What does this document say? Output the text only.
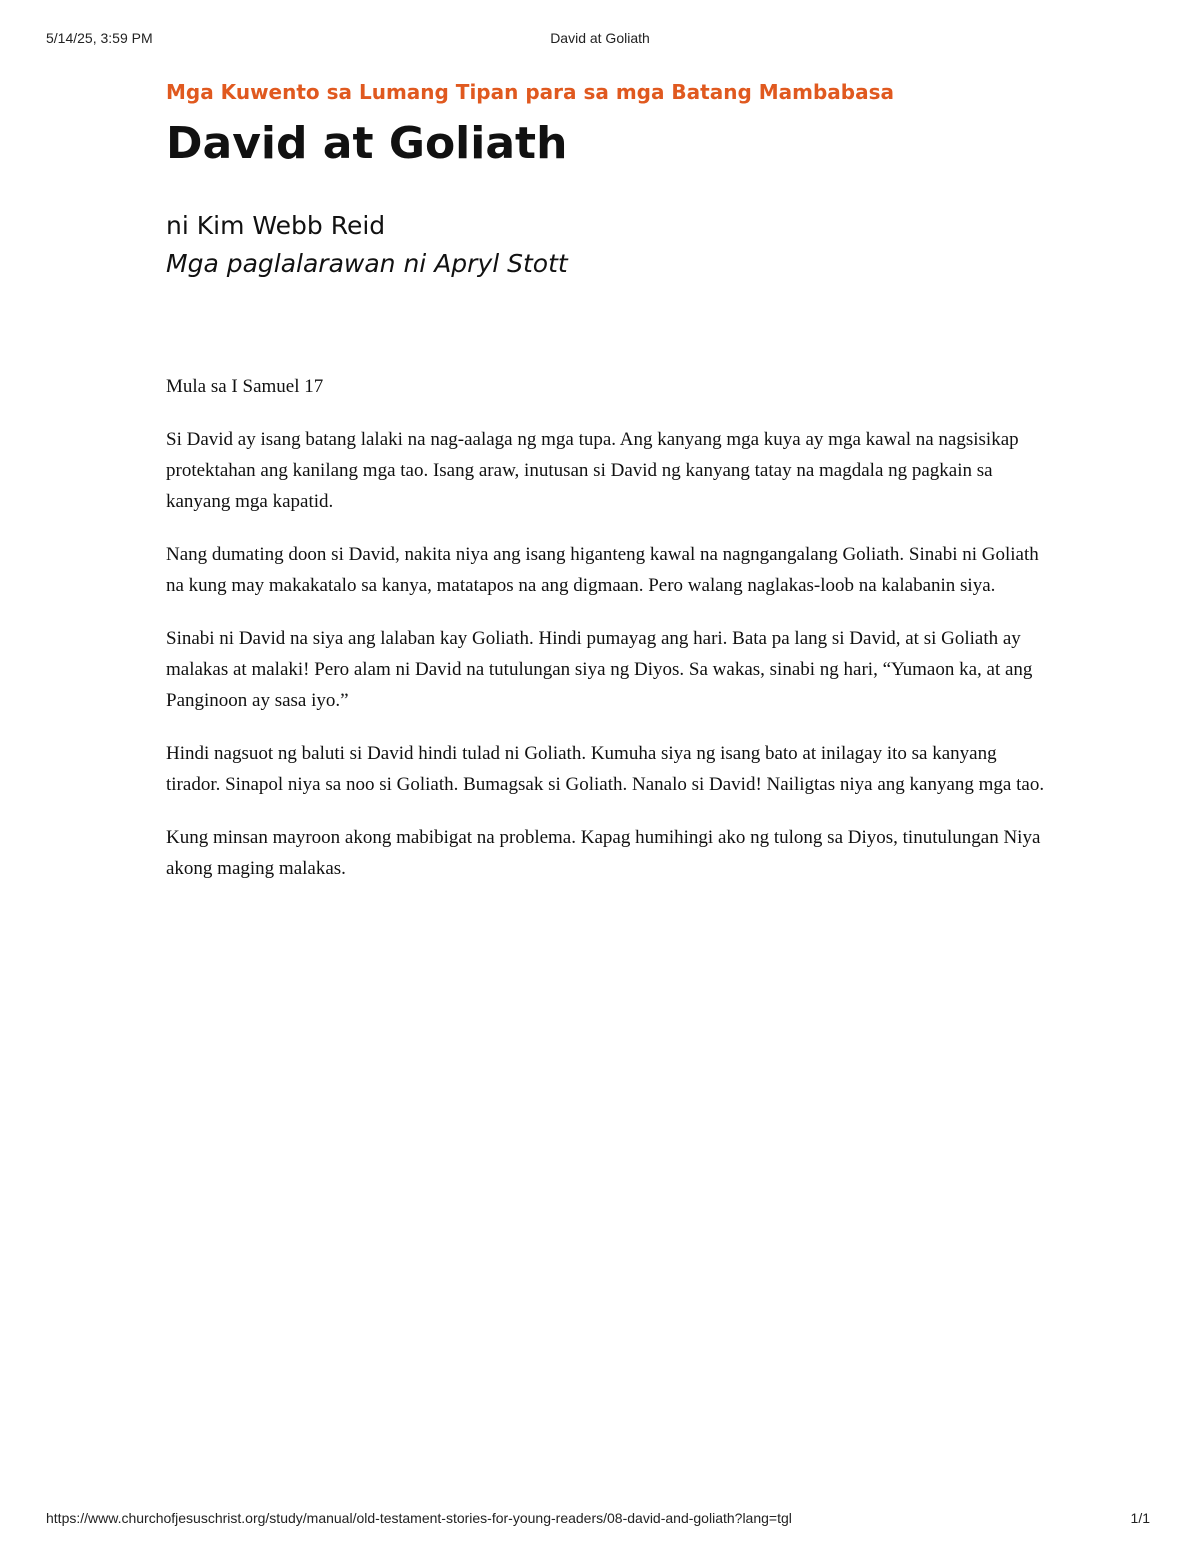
5/14/25, 3:59 PM	David at Goliath

Mga Kuwento sa Lumang Tipan para sa mga Batang Mambabasa

David at Goliath

ni Kim Webb Reid

Mga paglalarawan ni Apryl Stott

Mula sa I Samuel 17

Si David ay isang batang lalaki na nag-aalaga ng mga tupa. Ang kanyang mga kuya ay mga kawal na nagsisikap protektahan ang kanilang mga tao. Isang araw, inutusan si David ng kanyang tatay na magdala ng pagkain sa kanyang mga kapatid.

Nang dumating doon si David, nakita niya ang isang higanteng kawal na nagngangalang Goliath. Sinabi ni Goliath na kung may makakatalo sa kanya, matatapos na ang digmaan. Pero walang naglakas-loob na kalabanin siya.

Sinabi ni David na siya ang lalaban kay Goliath. Hindi pumayag ang hari. Bata pa lang si David, at si Goliath ay malakas at malaki! Pero alam ni David na tutulungan siya ng Diyos. Sa wakas, sinabi ng hari, “Yumaon ka, at ang Panginoon ay sasa iyo.”

Hindi nagsuot ng baluti si David hindi tulad ni Goliath. Kumuha siya ng isang bato at inilagay ito sa kanyang tirador. Sinapol niya sa noo si Goliath. Bumagsak si Goliath. Nanalo si David! Nailigtas niya ang kanyang mga tao.

Kung minsan mayroon akong mabibigat na problema. Kapag humihingi ako ng tulong sa Diyos, tinutulungan Niya akong maging malakas.

https://www.churchofjesuschrist.org/study/manual/old-testament-stories-for-young-readers/08-david-and-goliath?lang=tgl	1/1
